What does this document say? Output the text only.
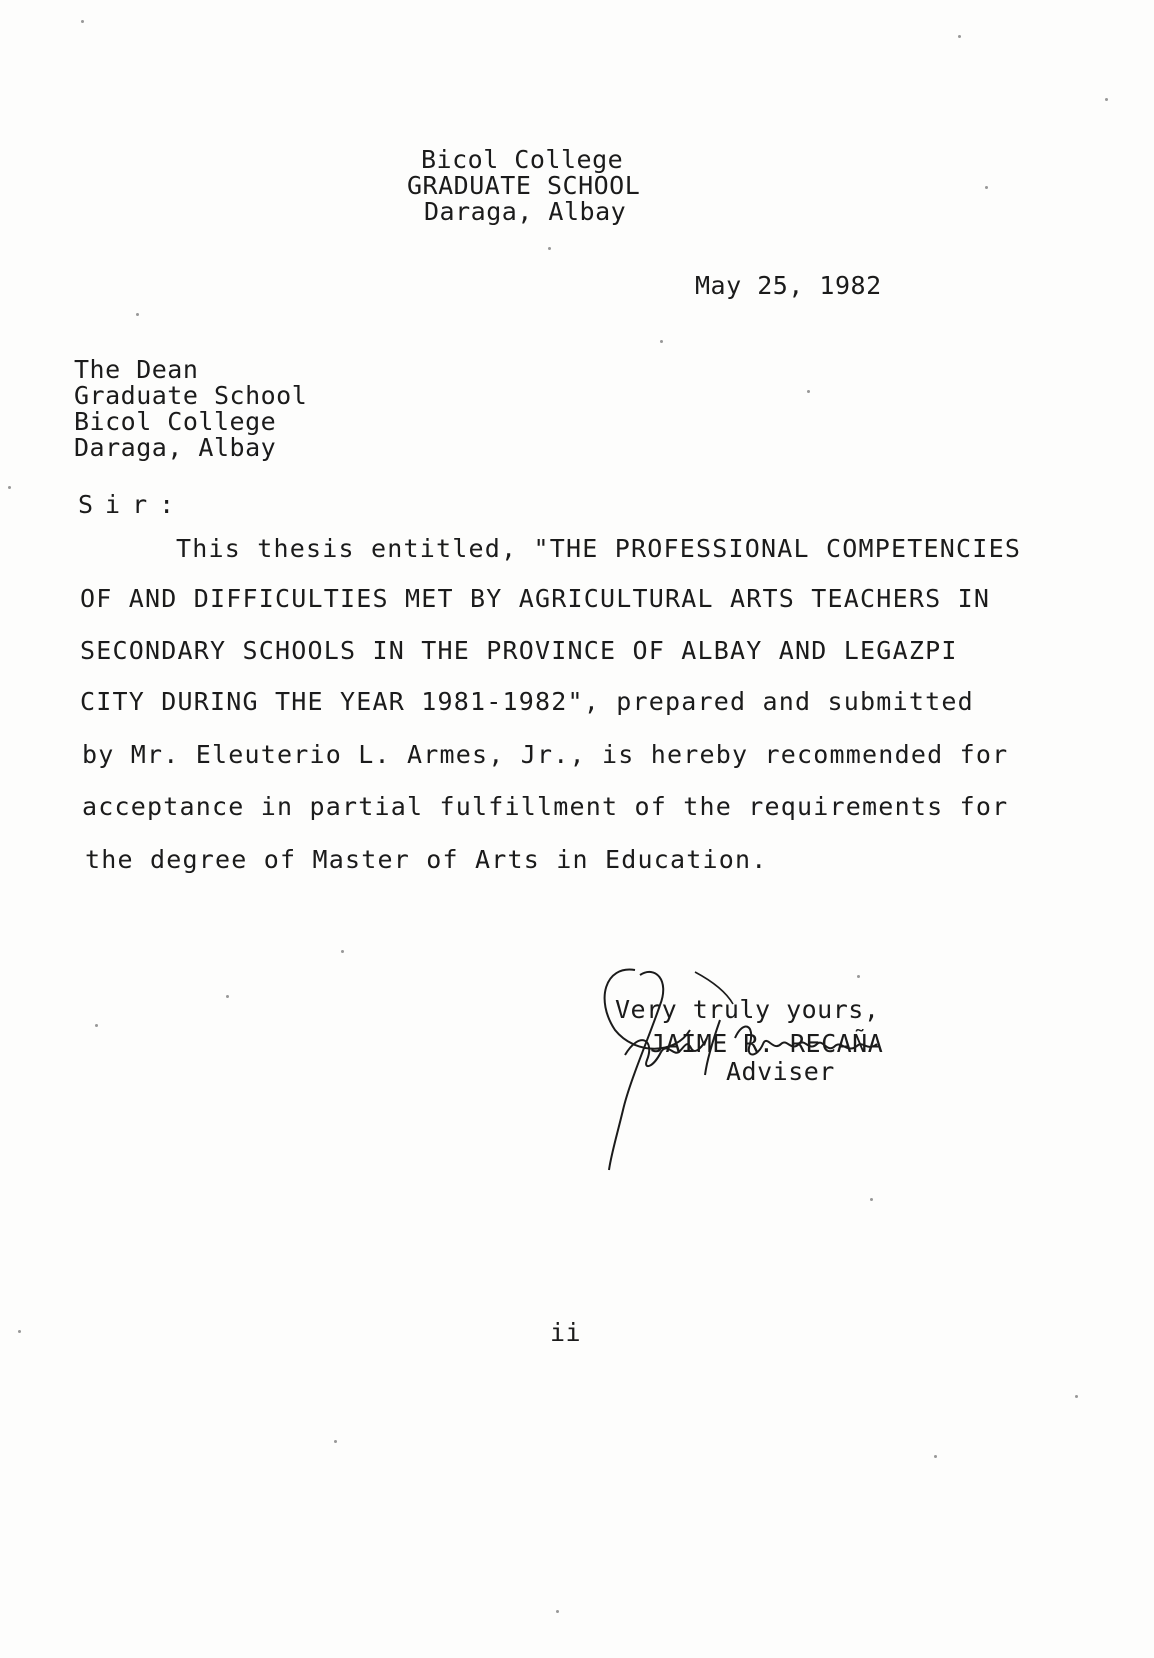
Bicol College
GRADUATE SCHOOL
Daraga, Albay
May 25, 1982
The Dean
Graduate School
Bicol College
Daraga, Albay
Sir:
This thesis entitled, "THE PROFESSIONAL COMPETENCIES
OF AND DIFFICULTIES MET BY AGRICULTURAL ARTS TEACHERS IN
SECONDARY SCHOOLS IN THE PROVINCE OF ALBAY AND LEGAZPI
CITY DURING THE YEAR 1981-1982", prepared and submitted
by Mr. Eleuterio L. Armes, Jr., is hereby recommended for
acceptance in partial fulfillment of the requirements for
the degree of Master of Arts in Education.
Very truly yours,
JAIME R. RECAÑA
Adviser
ii
